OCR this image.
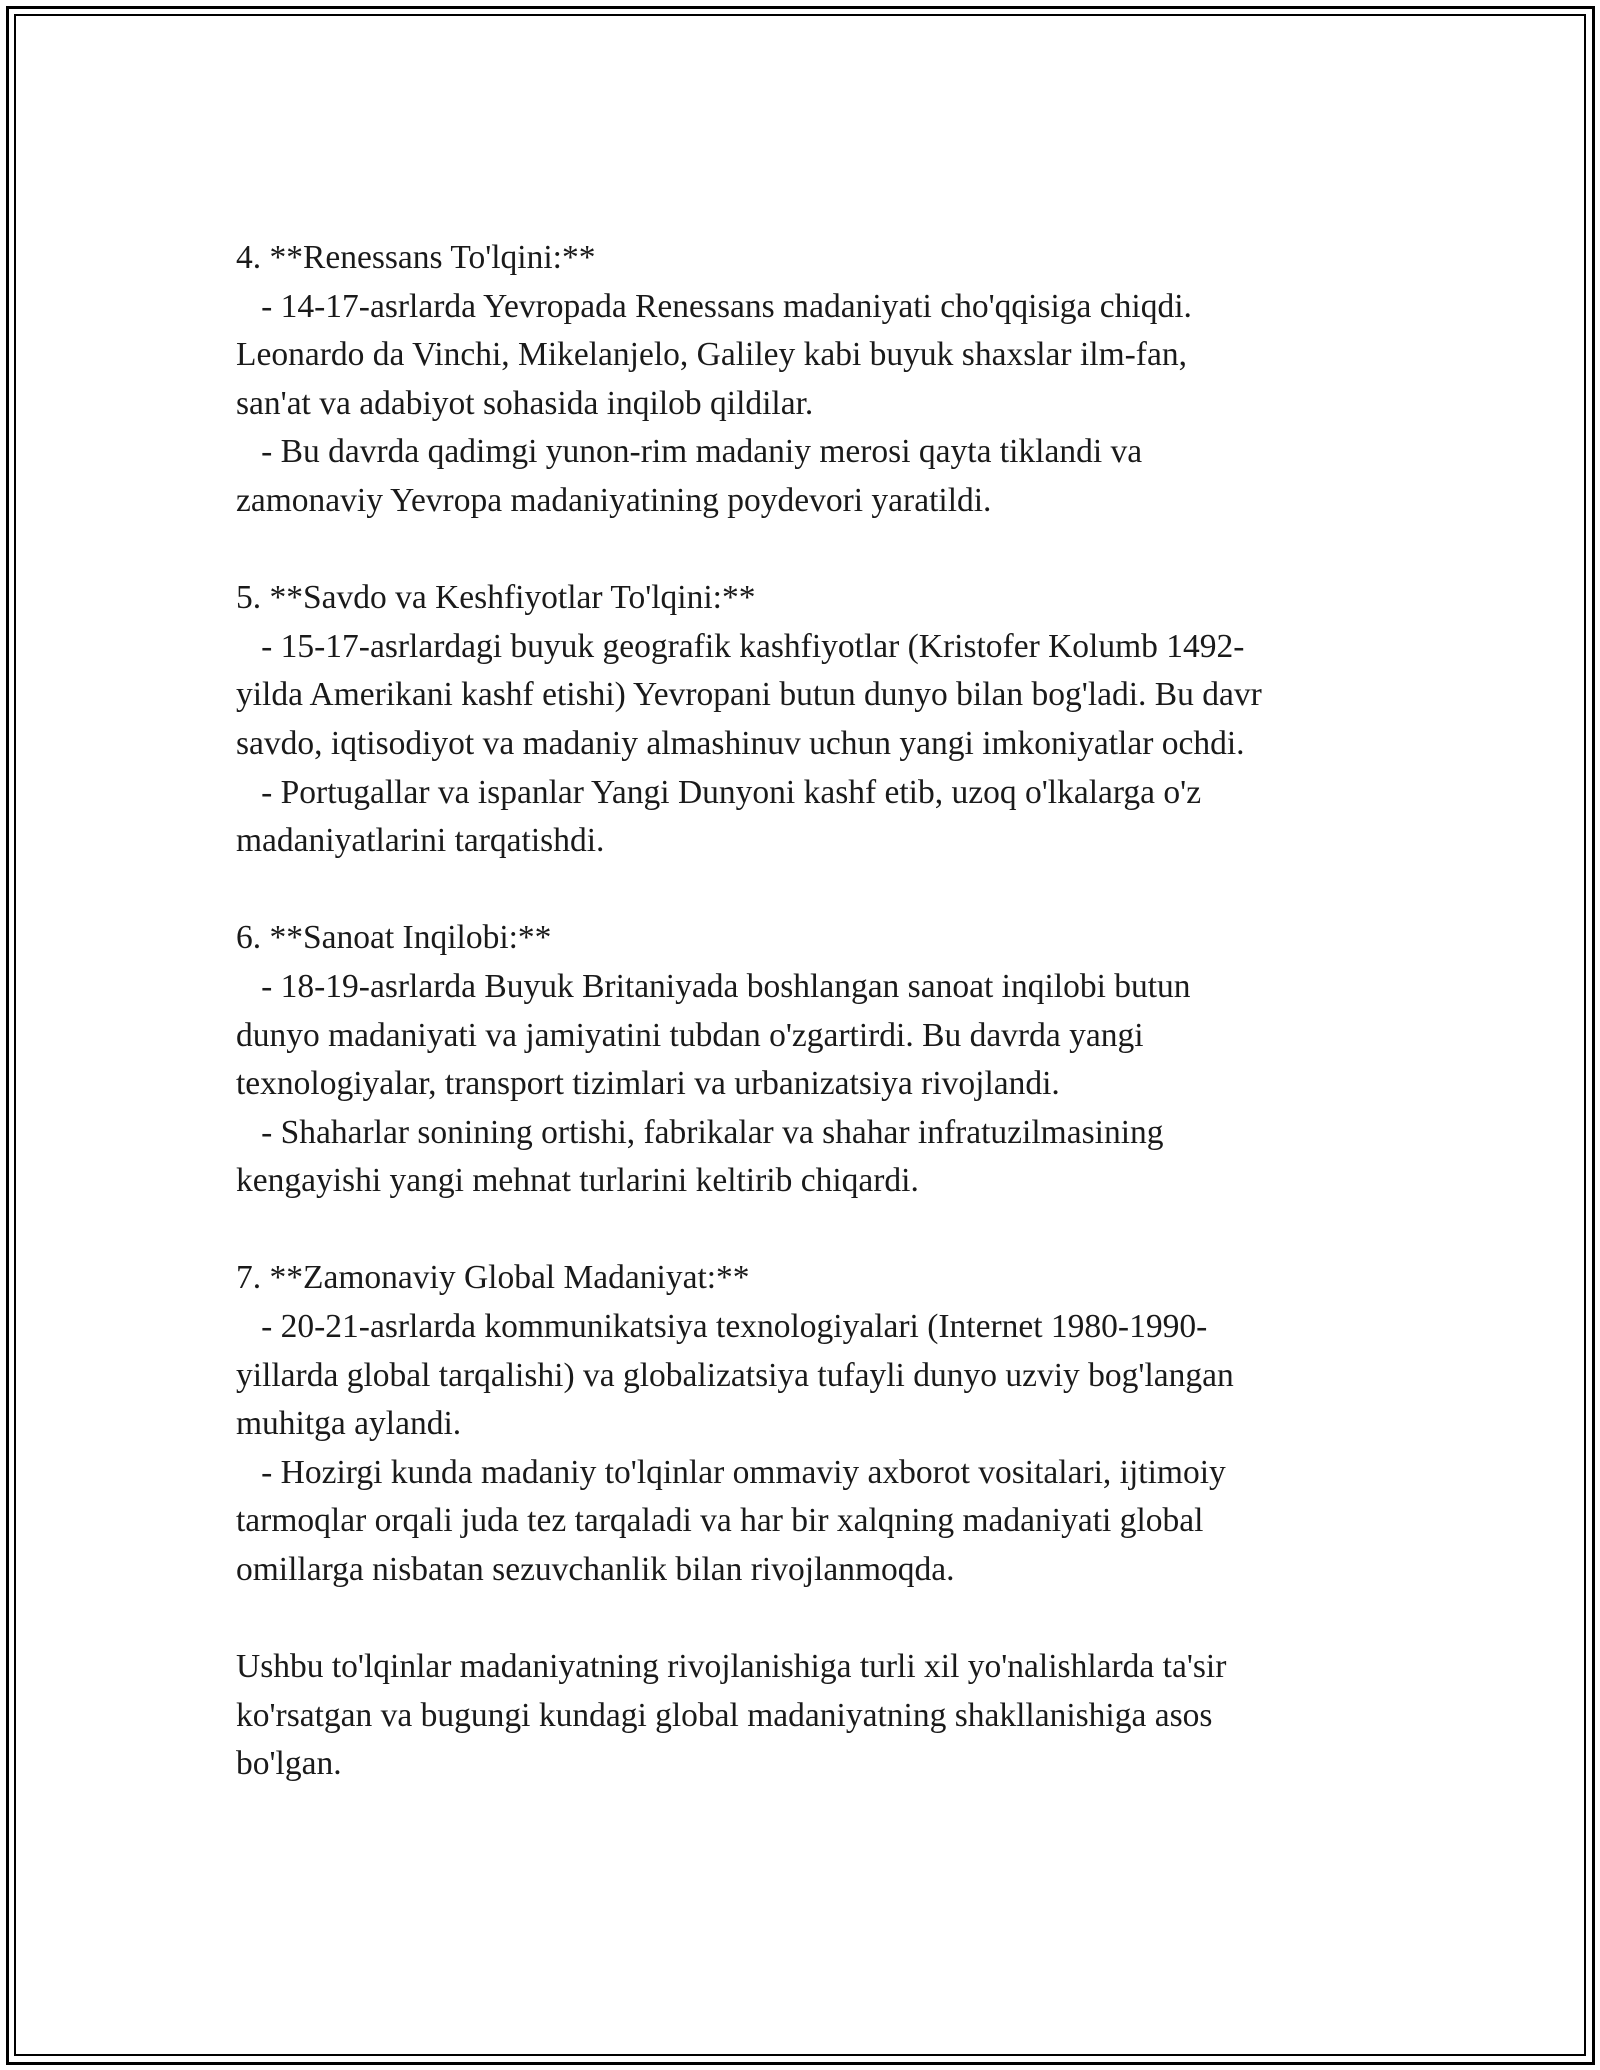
4. **Renessans To'lqini:**
- 14-17-asrlarda Yevropada Renessans madaniyati cho'qqisiga chiqdi.
Leonardo da Vinchi, Mikelanjelo, Galiley kabi buyuk shaxslar ilm-fan,
san'at va adabiyot sohasida inqilob qildilar.
- Bu davrda qadimgi yunon-rim madaniy merosi qayta tiklandi va
zamonaviy Yevropa madaniyatining poydevori yaratildi.
5. **Savdo va Keshfiyotlar To'lqini:**
- 15-17-asrlardagi buyuk geografik kashfiyotlar (Kristofer Kolumb 1492-
yilda Amerikani kashf etishi) Yevropani butun dunyo bilan bog'ladi. Bu davr
savdo, iqtisodiyot va madaniy almashinuv uchun yangi imkoniyatlar ochdi.
- Portugallar va ispanlar Yangi Dunyoni kashf etib, uzoq o'lkalarga o'z
madaniyatlarini tarqatishdi.
6. **Sanoat Inqilobi:**
- 18-19-asrlarda Buyuk Britaniyada boshlangan sanoat inqilobi butun
dunyo madaniyati va jamiyatini tubdan o'zgartirdi. Bu davrda yangi
texnologiyalar, transport tizimlari va urbanizatsiya rivojlandi.
- Shaharlar sonining ortishi, fabrikalar va shahar infratuzilmasining
kengayishi yangi mehnat turlarini keltirib chiqardi.
7. **Zamonaviy Global Madaniyat:**
- 20-21-asrlarda kommunikatsiya texnologiyalari (Internet 1980-1990-
yillarda global tarqalishi) va globalizatsiya tufayli dunyo uzviy bog'langan
muhitga aylandi.
- Hozirgi kunda madaniy to'lqinlar ommaviy axborot vositalari, ijtimoiy
tarmoqlar orqali juda tez tarqaladi va har bir xalqning madaniyati global
omillarga nisbatan sezuvchanlik bilan rivojlanmoqda.
Ushbu to'lqinlar madaniyatning rivojlanishiga turli xil yo'nalishlarda ta'sir
ko'rsatgan va bugungi kundagi global madaniyatning shakllanishiga asos
bo'lgan.
